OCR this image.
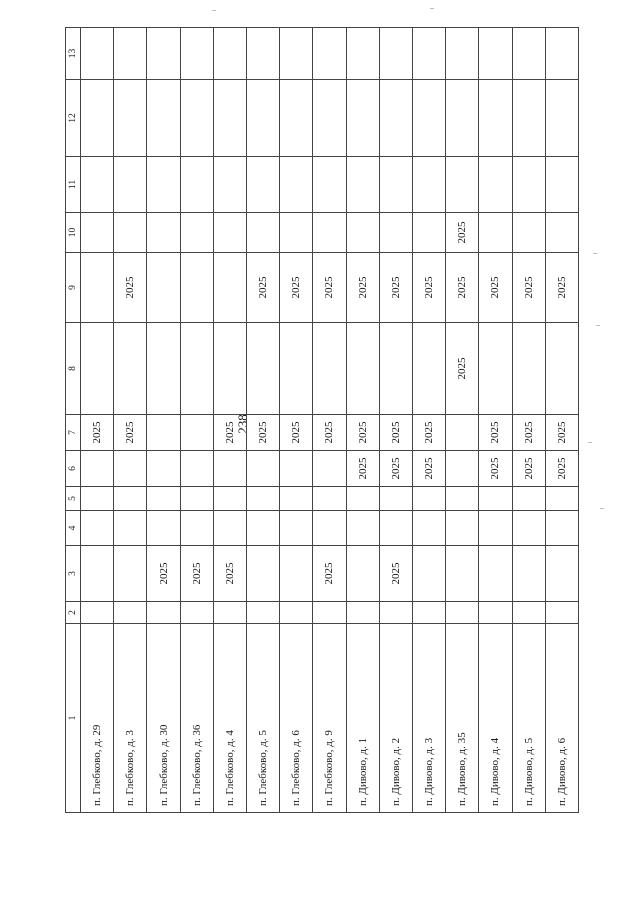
238
1	2	3	4	5	6	7	8	9	10	11	12	13
п. Глебково, д. 29						2025						
п. Глебково, д. 3						2025		2025				
п. Глебково, д. 30		2025										
п. Глебково, д. 36		2025										
п. Глебково, д. 4		2025				2025						
п. Глебково, д. 5						2025		2025				
п. Глебково, д. 6						2025		2025				
п. Глебково, д. 9		2025				2025		2025				
п. Дивово, д. 1					2025	2025		2025				
п. Дивово, д. 2		2025			2025	2025		2025				
п. Дивово, д. 3					2025	2025		2025				
п. Дивово, д. 35							2025	2025	2025			
п. Дивово, д. 4					2025	2025		2025				
п. Дивово, д. 5					2025	2025		2025				
п. Дивово, д. 6					2025	2025		2025				
